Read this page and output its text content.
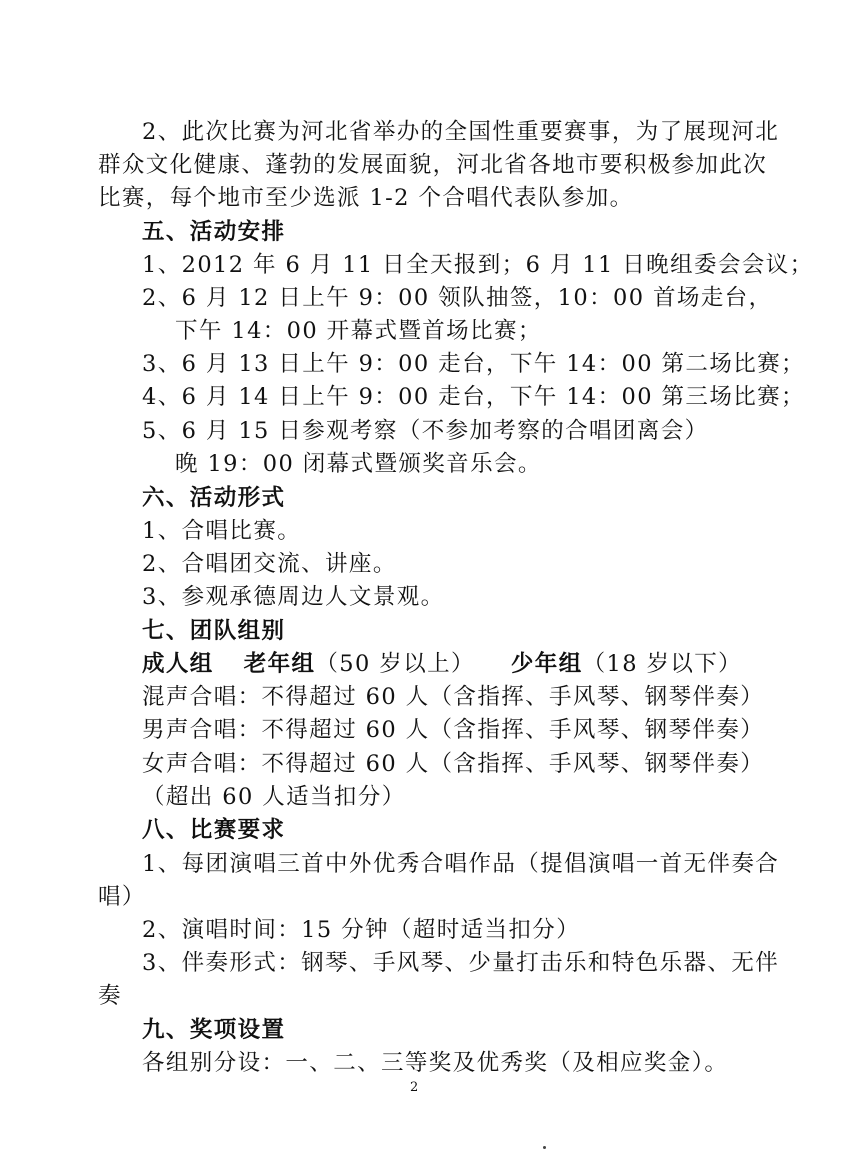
2、此次比赛为河北省举办的全国性重要赛事，为了展现河北
群众文化健康、蓬勃的发展面貌，河北省各地市要积极参加此次
比赛，每个地市至少选派 1-2 个合唱代表队参加。
五、活动安排
1、2012 年 6 月 11 日全天报到；6 月 11 日晚组委会会议；
2、6 月 12 日上午 9：00 领队抽签，10：00 首场走台，
下午 14：00 开幕式暨首场比赛；
3、6 月 13 日上午 9：00 走台，下午 14：00 第二场比赛；
4、6 月 14 日上午 9：00 走台，下午 14：00 第三场比赛；
5、6 月 15 日参观考察（不参加考察的合唱团离会）
晚 19：00 闭幕式暨颁奖音乐会。
六、活动形式
1、合唱比赛。
2、合唱团交流、讲座。
3、参观承德周边人文景观。
七、团队组别
成人组 老年组（50 岁以上） 少年组（18 岁以下）
混声合唱：不得超过 60 人（含指挥、手风琴、钢琴伴奏）
男声合唱：不得超过 60 人（含指挥、手风琴、钢琴伴奏）
女声合唱：不得超过 60 人（含指挥、手风琴、钢琴伴奏）
（超出 60 人适当扣分）
八、比赛要求
1、每团演唱三首中外优秀合唱作品（提倡演唱一首无伴奏合
唱）
2、演唱时间：15 分钟（超时适当扣分）
3、伴奏形式：钢琴、手风琴、少量打击乐和特色乐器、无伴
奏
九、奖项设置
各组别分设：一、二、三等奖及优秀奖（及相应奖金）。
2
